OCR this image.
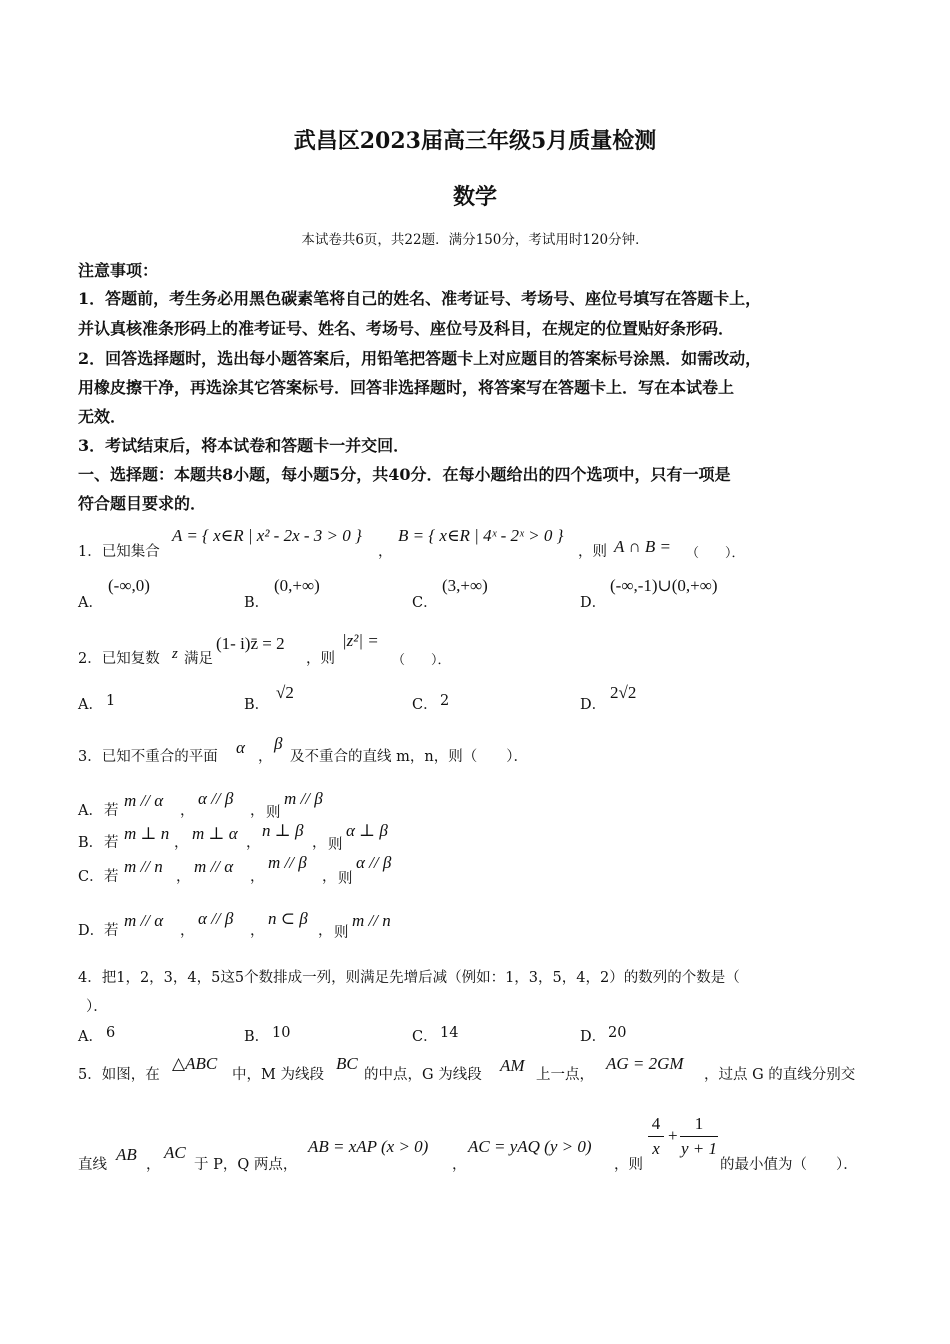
武昌区2023届高三年级5月质量检测
数学
本试卷共6页，共22题．满分150分，考试用时120分钟．
注意事项：
1．答题前，考生务必用黑色碳素笔将自己的姓名、准考证号、考场号、座位号填写在答题卡上，
并认真核准条形码上的准考证号、姓名、考场号、座位号及科目，在规定的位置贴好条形码．
2．回答选择题时，选出每小题答案后，用铅笔把答题卡上对应题目的答案标号涂黑．如需改动，
用橡皮擦干净，再选涂其它答案标号．回答非选择题时，将答案写在答题卡上．写在本试卷上
无效．
3．考试结束后，将本试卷和答题卡一并交回．
一、选择题：本题共8小题，每小题5分，共40分．在每小题给出的四个选项中，只有一项是
符合题目要求的．
1．已知集合
A = { x∈R | x² - 2x - 3 > 0 }
，
B = { x∈R | 4ˣ - 2ˣ > 0 }
，则 A ∩ B = （　　）．
A．
(-∞,0)
B．
(0,+∞)
C．
(3,+∞)
D．
(-∞,-1)∪(0,+∞)
2．已知复数 z 满足
(1- i)z̄ = 2
，则
|z²| =
（　　）．
A． 1	B．
√2
C． 2	D．
2√2
3．已知不重合的平面 α ，
β
及不重合的直线 m，n，则（　　）．
A． 若
m // α
，
α // β
， 则
m // β
B． 若 m ⊥ n ， m ⊥ α ，
n ⊥ β
， 则
α ⊥ β
C． 若
m // n
，
m // α
，
m // β
， 则
α // β
D． 若
m // α
，
α // β
，
n ⊂ β
， 则
m // n
4．把1，2，3，4，5这5个数排成一列，则满足先增后减（例如：1，3，5，4，2）的数列的个数是（
）．
A． 6	B． 10	C． 14	D． 20
5．如图，在
△ABC
中，M 为线段
BC
的中点，G 为线段 AM 上一点，
AG = 2GM
，过点 G 的直线分别交
直线
AB
，
AC
于 P，Q 两点，
AB = xAP (x > 0)
，
AC = yAQ (y > 0)
，则
4
x
+
1
y + 1
的最小值为（　　）．
